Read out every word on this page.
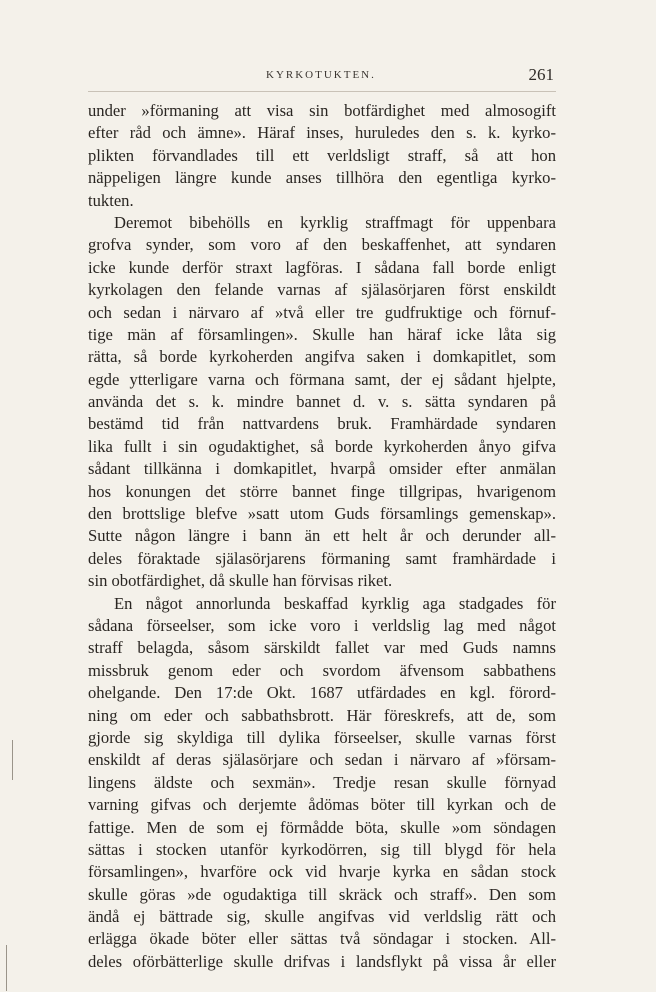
KYRKOTUKTEN.	261
under »förmaning att visa sin botfärdighet med almosogift
efter råd och ämne». Häraf inses, huruledes den s. k. kyrko-
plikten förvandlades till ett verldsligt straff, så att hon
näppeligen längre kunde anses tillhöra den egentliga kyrko-
tukten.
Deremot bibehölls en kyrklig straffmagt för uppenbara
grofva synder, som voro af den beskaffenhet, att syndaren
icke kunde derför straxt lagföras. I sådana fall borde enligt
kyrkolagen den felande varnas af själasörjaren först enskildt
och sedan i närvaro af »två eller tre gudfruktige och förnuf-
tige män af församlingen». Skulle han häraf icke låta sig
rätta, så borde kyrkoherden angifva saken i domkapitlet, som
egde ytterligare varna och förmana samt, der ej sådant hjelpte,
använda det s. k. mindre bannet d. v. s. sätta syndaren på
bestämd tid från nattvardens bruk. Framhärdade syndaren
lika fullt i sin ogudaktighet, så borde kyrkoherden ånyo gifva
sådant tillkänna i domkapitlet, hvarpå omsider efter anmälan
hos konungen det större bannet finge tillgripas, hvarigenom
den brottslige blefve »satt utom Guds församlings gemenskap».
Sutte någon längre i bann än ett helt år och derunder all-
deles föraktade själasörjarens förmaning samt framhärdade i
sin obotfärdighet, då skulle han förvisas riket.
En något annorlunda beskaffad kyrklig aga stadgades för
sådana förseelser, som icke voro i verldslig lag med något
straff belagda, såsom särskildt fallet var med Guds namns
missbruk genom eder och svordom äfvensom sabbathens
ohelgande. Den 17:de Okt. 1687 utfärdades en kgl. förord-
ning om eder och sabbathsbrott. Här föreskrefs, att de, som
gjorde sig skyldiga till dylika förseelser, skulle varnas först
enskildt af deras själasörjare och sedan i närvaro af »försam-
lingens äldste och sexmän». Tredje resan skulle förnyad
varning gifvas och derjemte ådömas böter till kyrkan och de
fattige. Men de som ej förmådde böta, skulle »om söndagen
sättas i stocken utanför kyrkodörren, sig till blygd för hela
församlingen», hvarföre ock vid hvarje kyrka en sådan stock
skulle göras »de ogudaktiga till skräck och straff». Den som
ändå ej bättrade sig, skulle angifvas vid verldslig rätt och
erlägga ökade böter eller sättas två söndagar i stocken. All-
deles oförbätterlige skulle drifvas i landsflykt på vissa år eller
